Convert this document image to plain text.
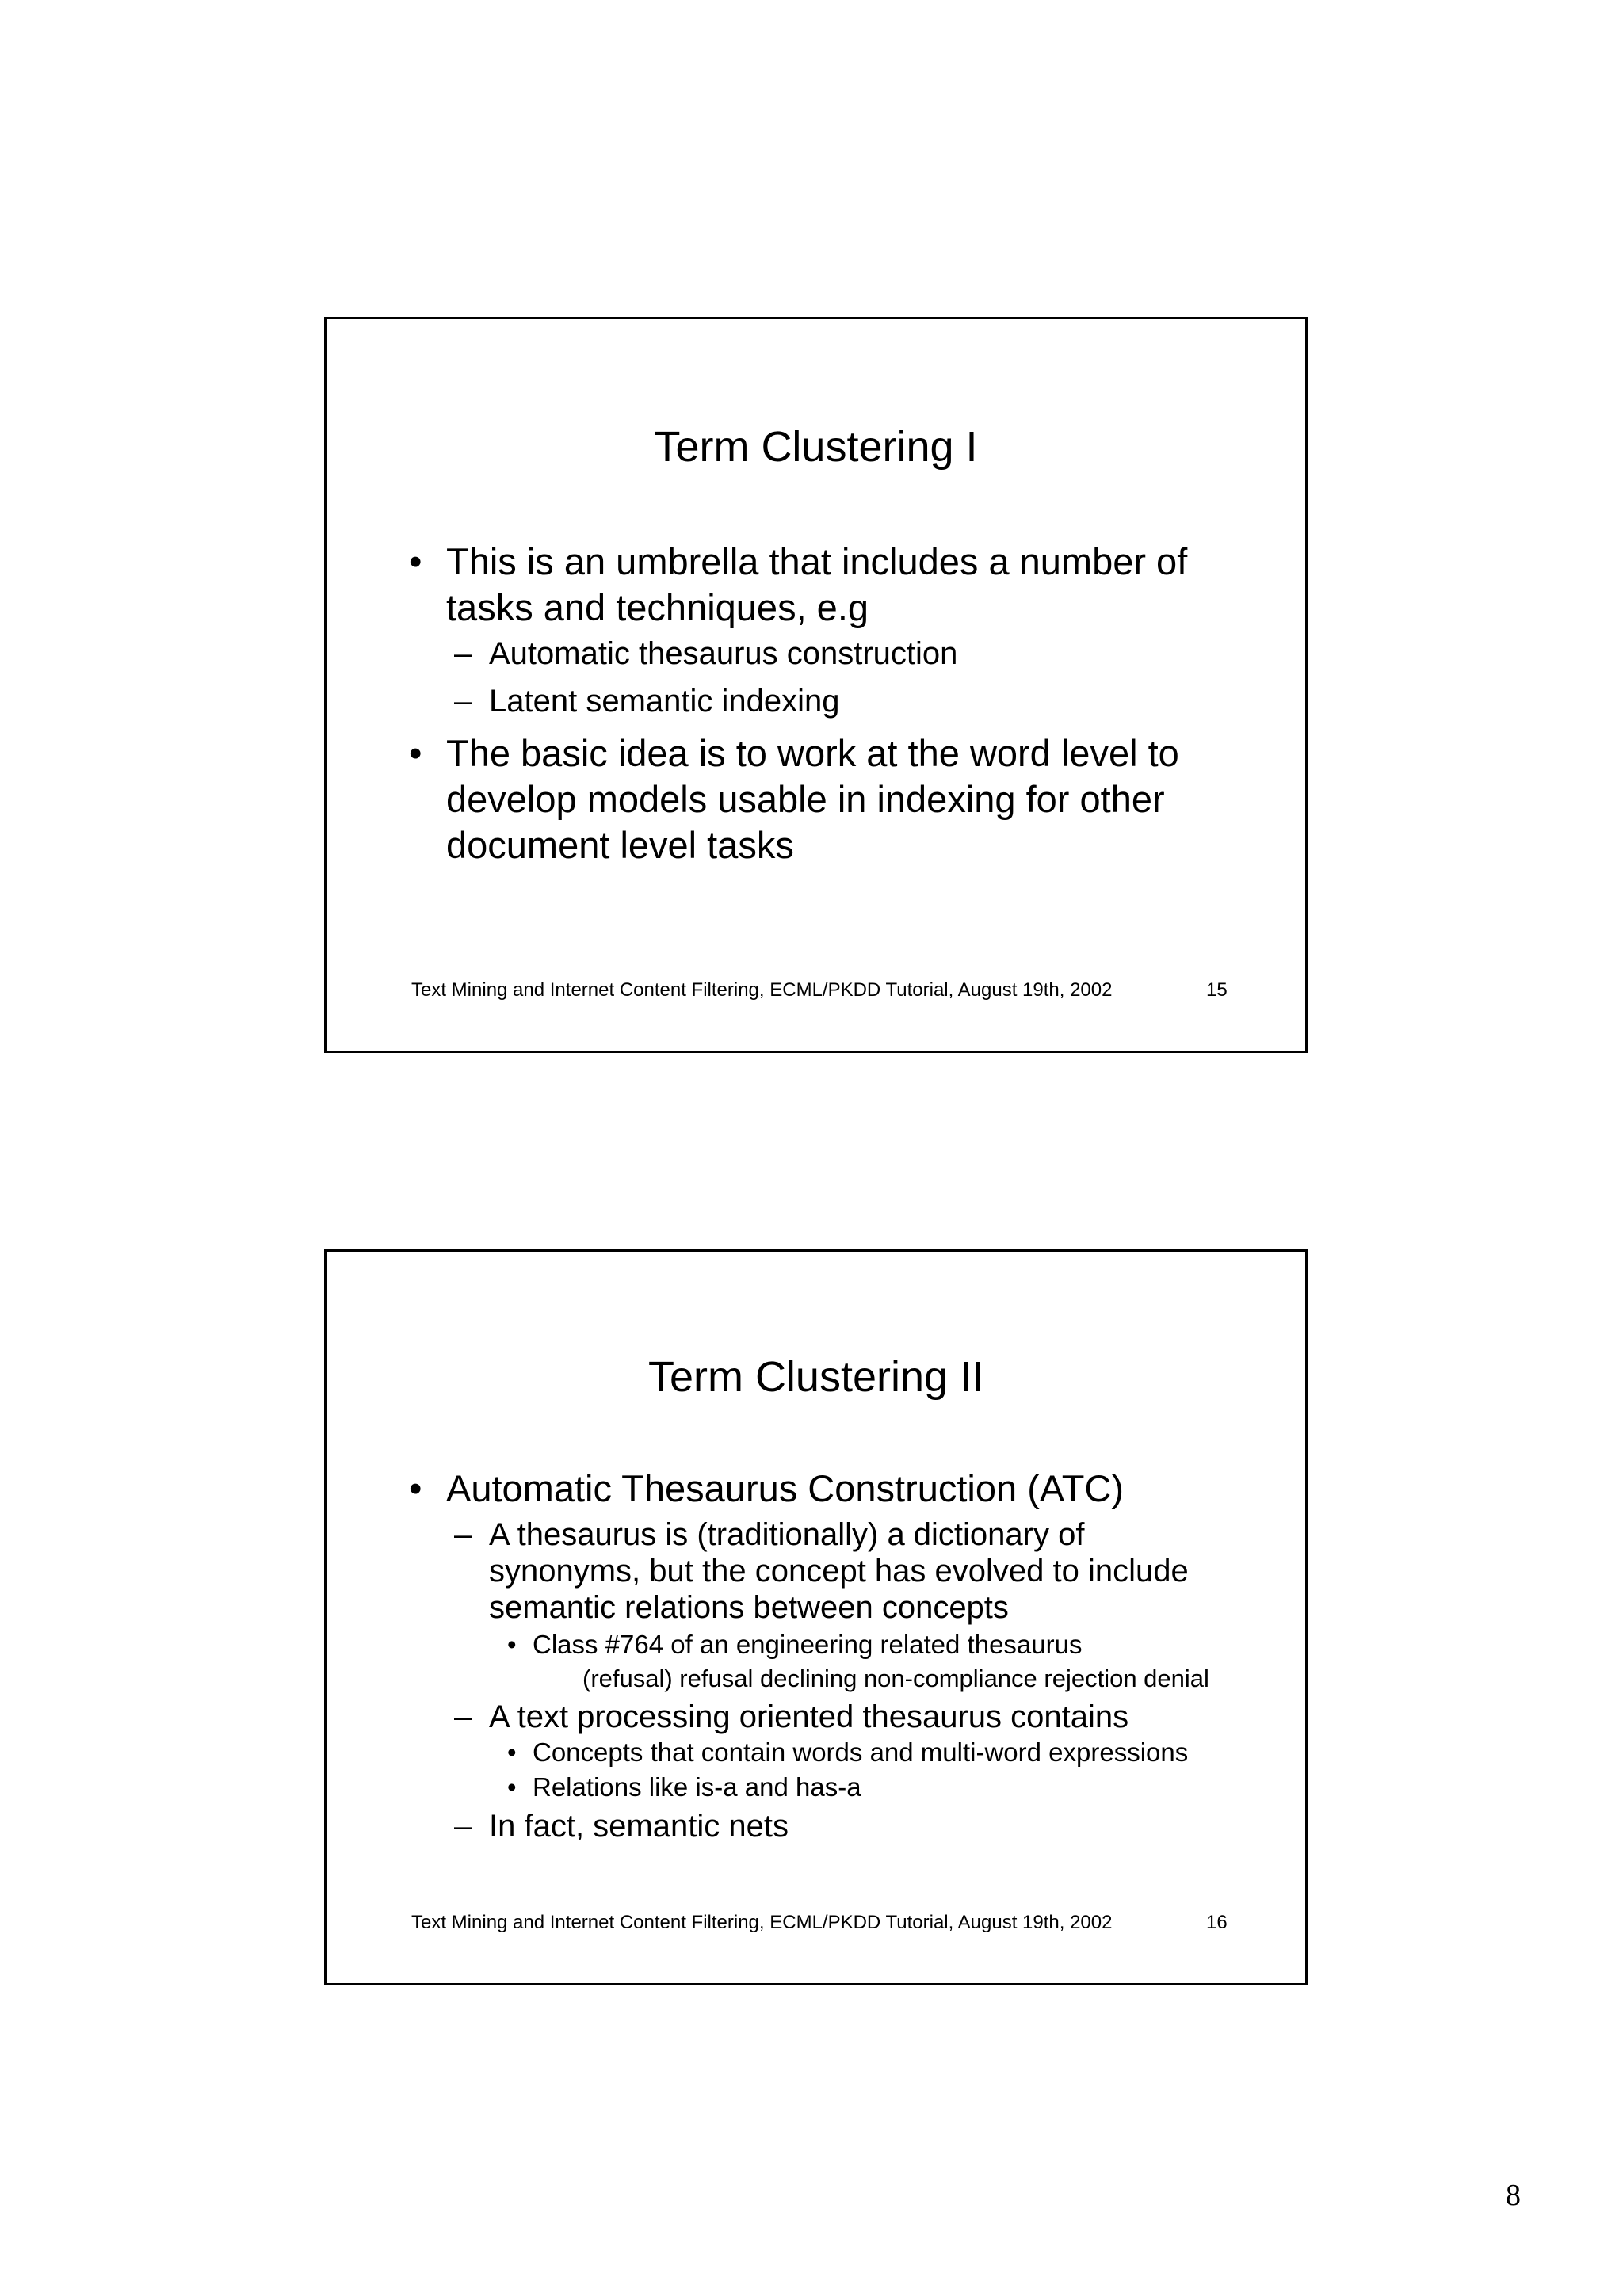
Term Clustering I
• This is an umbrella that includes a number of
tasks and techniques, e.g
– Automatic thesaurus construction
– Latent semantic indexing
• The basic idea is to work at the word level to
develop models usable in indexing for other
document level tasks
Text Mining and Internet Content Filtering, ECML/PKDD Tutorial, August 19th, 2002	15
Term Clustering II
• Automatic Thesaurus Construction (ATC)
– A thesaurus is (traditionally) a dictionary of
synonyms, but the concept has evolved to include
semantic relations between concepts
• Class #764 of an engineering related thesaurus
(refusal) refusal declining non-compliance rejection denial
– A text processing oriented thesaurus contains
• Concepts that contain words and multi-word expressions
• Relations like is-a and has-a
– In fact, semantic nets
Text Mining and Internet Content Filtering, ECML/PKDD Tutorial, August 19th, 2002	16
8
